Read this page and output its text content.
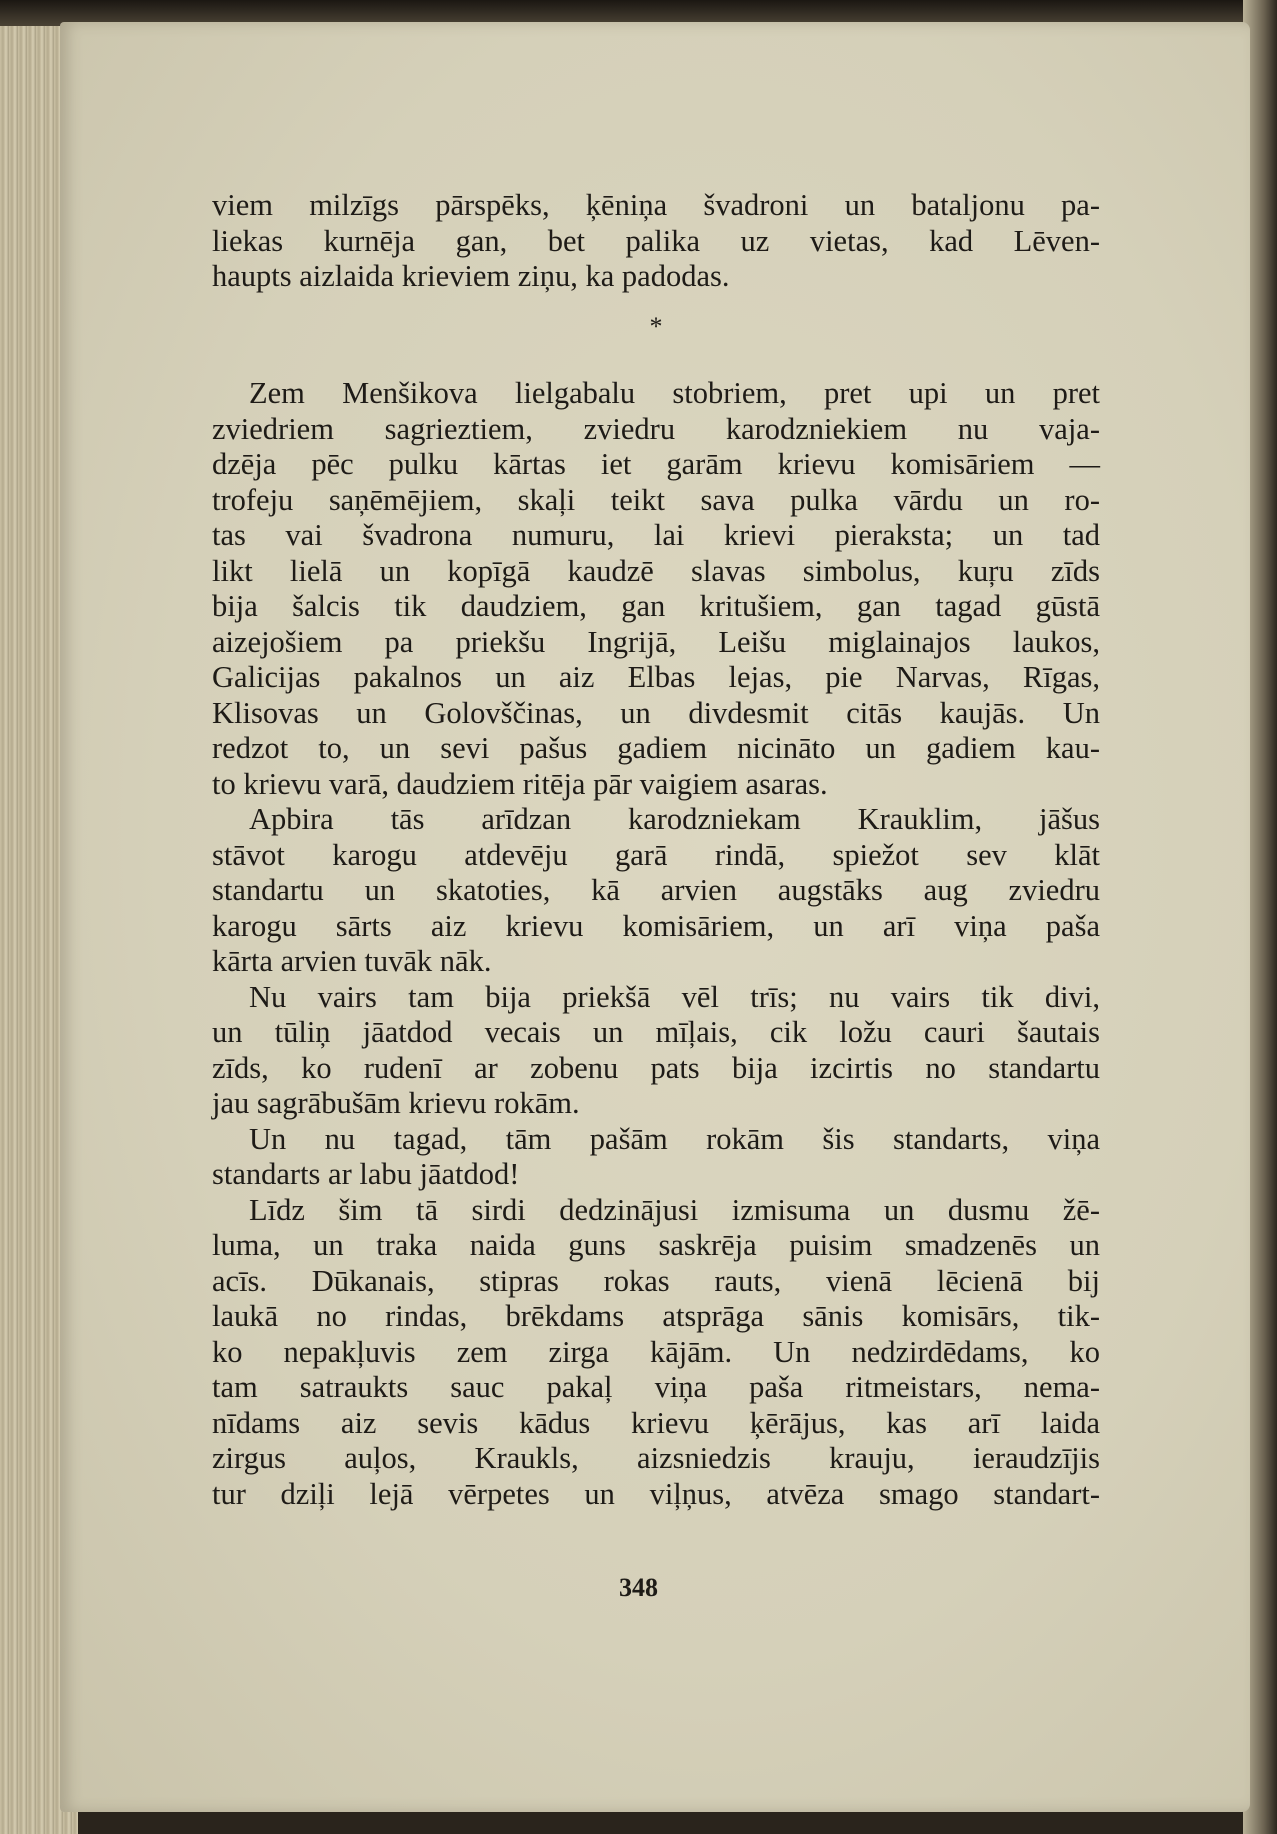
viem milzīgs pārspēks, ķēniņa švadroni un bataljonu pa-
liekas kurnēja gan, bet palika uz vietas, kad Lēven-
haupts aizlaida krieviem ziņu, ka padodas.
*
Zem Menšikova lielgabalu stobriem, pret upi un pret
zviedriem sagrieztiem, zviedru karodzniekiem nu vaja-
dzēja pēc pulku kārtas iet garām krievu komisāriem —
trofeju saņēmējiem, skaļi teikt sava pulka vārdu un ro-
tas vai švadrona numuru, lai krievi pieraksta; un tad
likt lielā un kopīgā kaudzē slavas simbolus, kuŗu zīds
bija šalcis tik daudziem, gan kritušiem, gan tagad gūstā
aizejošiem pa priekšu Ingrijā, Leišu miglainajos laukos,
Galicijas pakalnos un aiz Elbas lejas, pie Narvas, Rīgas,
Klisovas un Golovščinas, un divdesmit citās kaujās. Un
redzot to, un sevi pašus gadiem nicināto un gadiem kau-
to krievu varā, daudziem ritēja pār vaigiem asaras.
Apbira tās arīdzan karodzniekam Krauklim, jāšus
stāvot karogu atdevēju garā rindā, spiežot sev klāt
standartu un skatoties, kā arvien augstāks aug zviedru
karogu sārts aiz krievu komisāriem, un arī viņa paša
kārta arvien tuvāk nāk.
Nu vairs tam bija priekšā vēl trīs; nu vairs tik divi,
un tūliņ jāatdod vecais un mīļais, cik ložu cauri šautais
zīds, ko rudenī ar zobenu pats bija izcirtis no standartu
jau sagrābušām krievu rokām.
Un nu tagad, tām pašām rokām šis standarts, viņa
standarts ar labu jāatdod!
Līdz šim tā sirdi dedzinājusi izmisuma un dusmu žē-
luma, un traka naida guns saskrēja puisim smadzenēs un
acīs. Dūkanais, stipras rokas rauts, vienā lēcienā bij
laukā no rindas, brēkdams atsprāga sānis komisārs, tik-
ko nepakļuvis zem zirga kājām. Un nedzirdēdams, ko
tam satraukts sauc pakaļ viņa paša ritmeistars, nema-
nīdams aiz sevis kādus krievu ķērājus, kas arī laida
zirgus auļos, Kraukls, aizsniedzis krauju, ieraudzījis
tur dziļi lejā vērpetes un viļņus, atvēza smago standart-
348
